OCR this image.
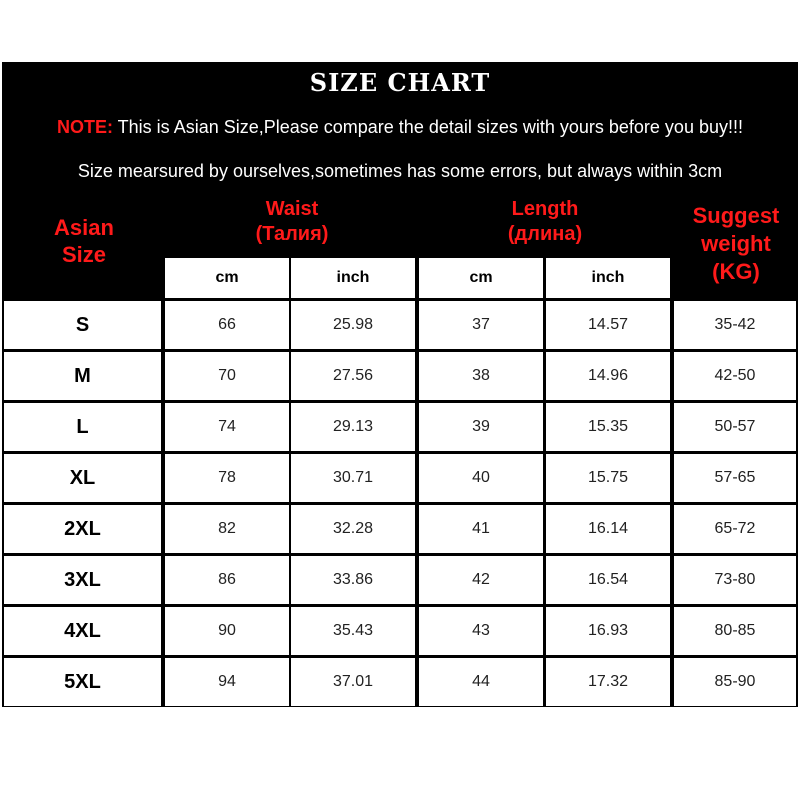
SIZE CHART
NOTE: This is Asian Size,Please compare the detail sizes with yours before you buy!!!
Size mearsured by ourselves,sometimes has some errors, but always within 3cm
Asian
Size
Waist
(Талия)
Length
(длина)
Suggest
weight
(KG)
cm	inch	cm	inch
S	66	25.98	37	14.57	35-42
M	70	27.56	38	14.96	42-50
L	74	29.13	39	15.35	50-57
XL	78	30.71	40	15.75	57-65
2XL	82	32.28	41	16.14	65-72
3XL	86	33.86	42	16.54	73-80
4XL	90	35.43	43	16.93	80-85
5XL	94	37.01	44	17.32	85-90
